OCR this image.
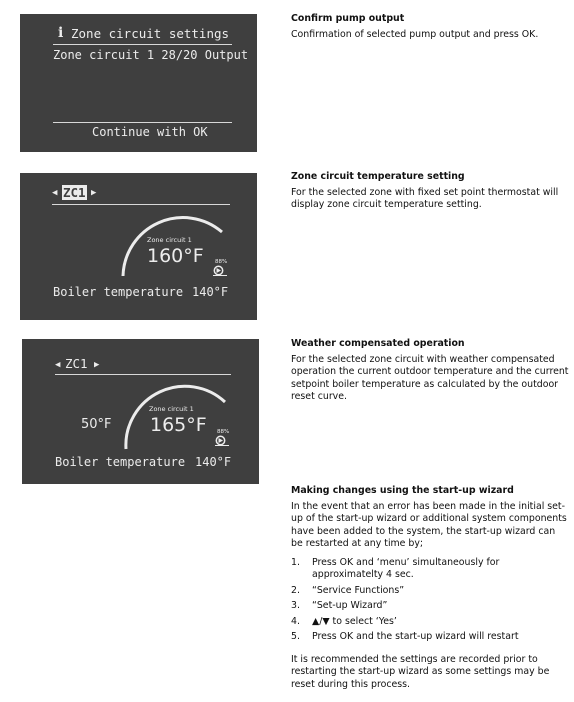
i Zone circuit settings
Zone circuit 1 28/20 Output
Continue with OK
◀ ZC1 ▶
Zone circuit 1
160°F 88%
Boiler temperature 140°F
◀ ZC1 ▶
50°F
Zone circuit 1
165°F 88%
Boiler temperature 140°F

Confirm pump output

Confirmation of selected pump output and press OK.

Zone circuit temperature setting

For the selected zone with fixed set point thermostat will display zone circuit temperature setting.

Weather compensated operation

For the selected zone circuit with weather compensated operation the current outdoor temperature and the current setpoint boiler temperature as calculated by the outdoor reset curve.

Making changes using the start-up wizard

In the event that an error has been made in the initial set-up of the start-up wizard or additional system components have been added to the system, the start-up wizard can be restarted at any time by;

1. Press OK and ‘menu’ simultaneously for approximatelty 4 sec.
2. “Service Functions”
3. “Set-up Wizard”
4. ▲/▼ to select ‘Yes’
5. Press OK and the start-up wizard will restart

It is recommended the settings are recorded prior to restarting the start-up wizard as some settings may be reset during this process.
